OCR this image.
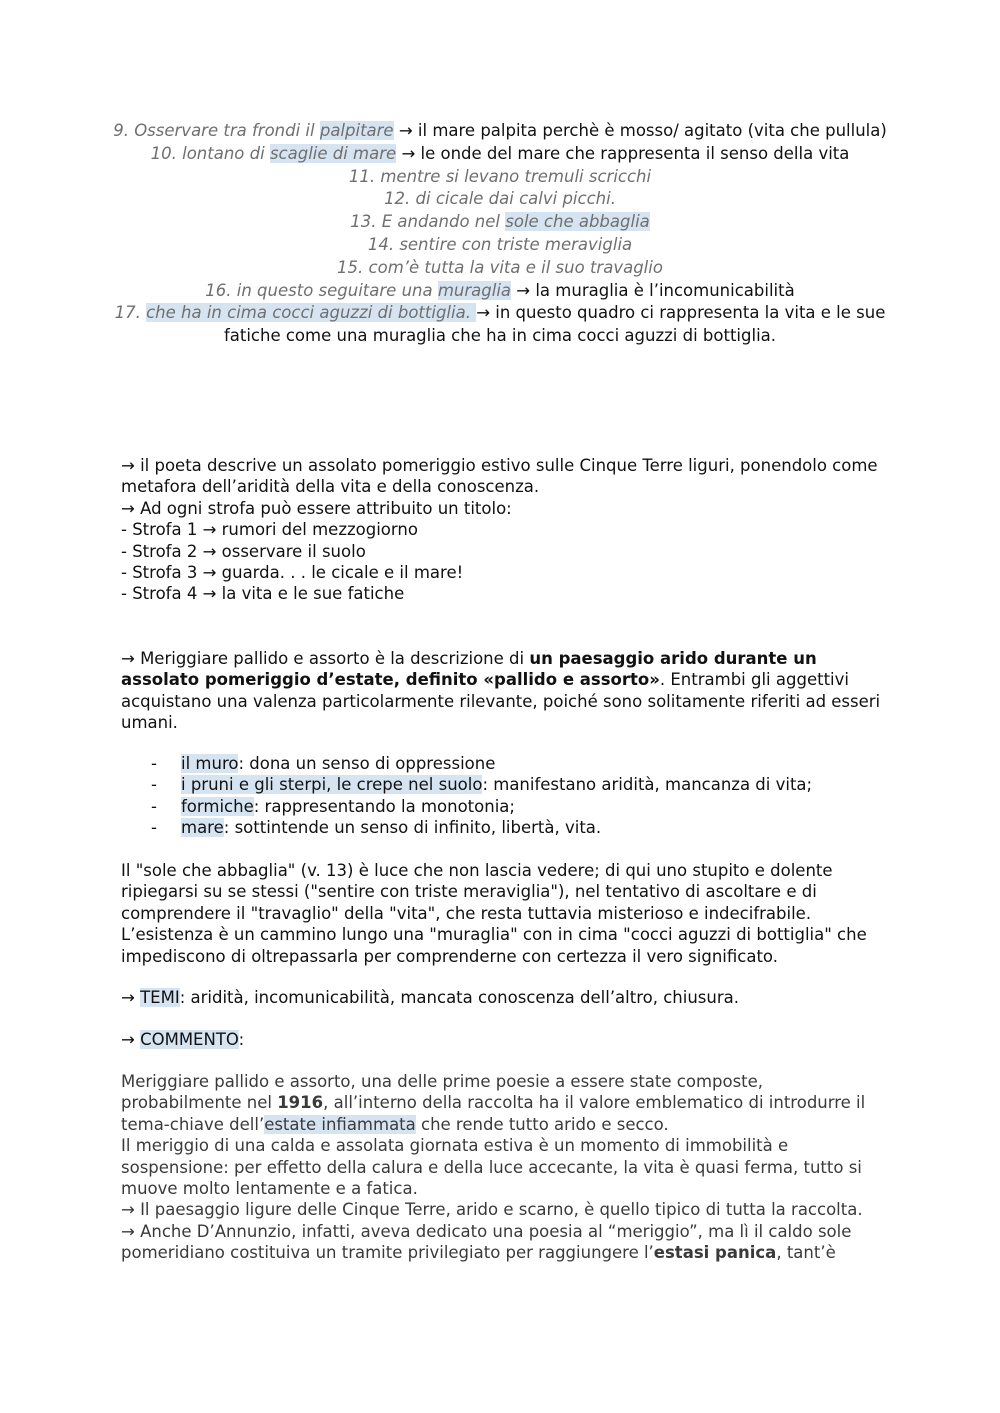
9. Osservare tra frondi il palpitare → il mare palpita perchè è mosso/ agitato (vita che pullula)
10. lontano di scaglie di mare → le onde del mare che rappresenta il senso della vita
11. mentre si levano tremuli scricchi
12. di cicale dai calvi picchi.
13. E andando nel sole che abbaglia
14. sentire con triste meraviglia
15. com’è tutta la vita e il suo travaglio
16. in questo seguitare una muraglia → la muraglia è l’incomunicabilità
17. che ha in cima cocci aguzzi di bottiglia. → in questo quadro ci rappresenta la vita e le sue fatiche come una muraglia che ha in cima cocci aguzzi di bottiglia.

→ il poeta descrive un assolato pomeriggio estivo sulle Cinque Terre liguri, ponendolo come metafora dell’aridità della vita e della conoscenza.

→ Ad ogni strofa può essere attribuito un titolo:

- Strofa 1 → rumori del mezzogiorno

- Strofa 2 → osservare il suolo

- Strofa 3 → guarda. . . le cicale e il mare!

- Strofa 4 → la vita e le sue fatiche

→ Meriggiare pallido e assorto è la descrizione di un paesaggio arido durante un assolato pomeriggio d’estate, definito «pallido e assorto». Entrambi gli aggettivi acquistano una valenza particolarmente rilevante, poiché sono solitamente riferiti ad esseri umani.
-	il muro: dona un senso di oppressione
-	i pruni e gli sterpi, le crepe nel suolo: manifestano aridità, mancanza di vita;
-	formiche: rappresentando la monotonia;
-	mare: sottintende un senso di infinito, libertà, vita.
Il "sole che abbaglia" (v. 13) è luce che non lascia vedere; di qui uno stupito e dolente ripiegarsi su se stessi ("sentire con triste meraviglia"), nel tentativo di ascoltare e di comprendere il "travaglio" della "vita", che resta tuttavia misterioso e indecifrabile. L’esistenza è un cammino lungo una "muraglia" con in cima "cocci aguzzi di bottiglia" che impediscono di oltrepassarla per comprenderne con certezza il vero significato.
→ TEMI: aridità, incomunicabilità, mancata conoscenza dell’altro, chiusura.
→ COMMENTO:

Meriggiare pallido e assorto, una delle prime poesie a essere state composte, probabilmente nel 1916, all’interno della raccolta ha il valore emblematico di introdurre il tema-chiave dell’estate infiammata che rende tutto arido e secco.

Il meriggio di una calda e assolata giornata estiva è un momento di immobilità e sospensione: per effetto della calura e della luce accecante, la vita è quasi ferma, tutto si muove molto lentamente e a fatica.

→ Il paesaggio ligure delle Cinque Terre, arido e scarno, è quello tipico di tutta la raccolta.

→ Anche D’Annunzio, infatti, aveva dedicato una poesia al “meriggio”, ma lì il caldo sole pomeridiano costituiva un tramite privilegiato per raggiungere l’estasi panica, tant’è
